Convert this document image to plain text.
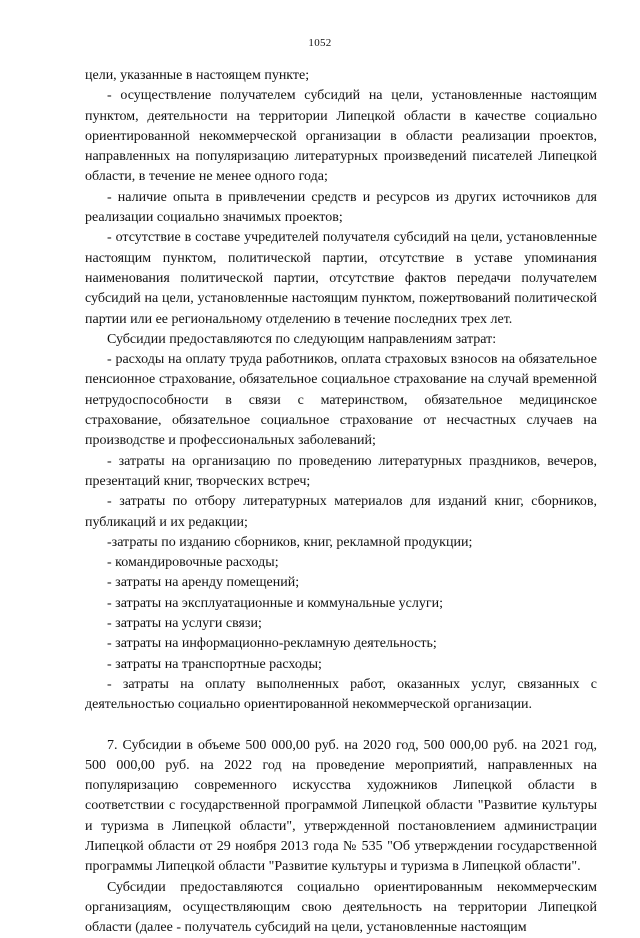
1052

цели, указанные в настоящем пункте;

- осуществление получателем субсидий на цели, установленные настоящим пунктом, деятельности на территории Липецкой области в качестве социально ориентированной некоммерческой организации в области реализации проектов, направленных на популяризацию литературных произведений писателей Липецкой области, в течение не менее одного года;

- наличие опыта в привлечении средств и ресурсов из других источников для реализации социально значимых проектов;

- отсутствие в составе учредителей получателя субсидий на цели, установленные настоящим пунктом, политической партии, отсутствие в уставе упоминания наименования политической партии, отсутствие фактов передачи получателем субсидий на цели, установленные настоящим пунктом, пожертвований политической партии или ее региональному отделению в течение последних трех лет.

Субсидии предоставляются по следующим направлениям затрат:

- расходы на оплату труда работников, оплата страховых взносов на обязательное пенсионное страхование, обязательное социальное страхование на случай временной нетрудоспособности в связи с материнством, обязательное медицинское страхование, обязательное социальное страхование от несчастных случаев на производстве и профессиональных заболеваний;

- затраты на организацию по проведению литературных праздников, вечеров, презентаций книг, творческих встреч;

- затраты по отбору литературных материалов для изданий книг, сборников, публикаций и их редакции;

-затраты по изданию сборников, книг, рекламной продукции;

- командировочные расходы;

- затраты на аренду помещений;

- затраты на эксплуатационные и коммунальные услуги;

- затраты на услуги связи;

- затраты на информационно-рекламную деятельность;

- затраты на транспортные расходы;

- затраты на оплату выполненных работ, оказанных услуг, связанных с деятельностью социально ориентированной некоммерческой организации.

7. Субсидии в объеме 500 000,00 руб. на 2020 год, 500 000,00 руб. на 2021 год, 500 000,00 руб. на 2022 год на проведение мероприятий, направленных на популяризацию современного искусства художников Липецкой области в соответствии с государственной программой Липецкой области "Развитие культуры и туризма в Липецкой области", утвержденной постановлением администрации Липецкой области от 29 ноября 2013 года № 535 "Об утверждении государственной программы Липецкой области "Развитие культуры и туризма в Липецкой области".

Субсидии предоставляются социально ориентированным некоммерческим организациям, осуществляющим свою деятельность на территории Липецкой области (далее - получатель субсидий на цели, установленные настоящим
